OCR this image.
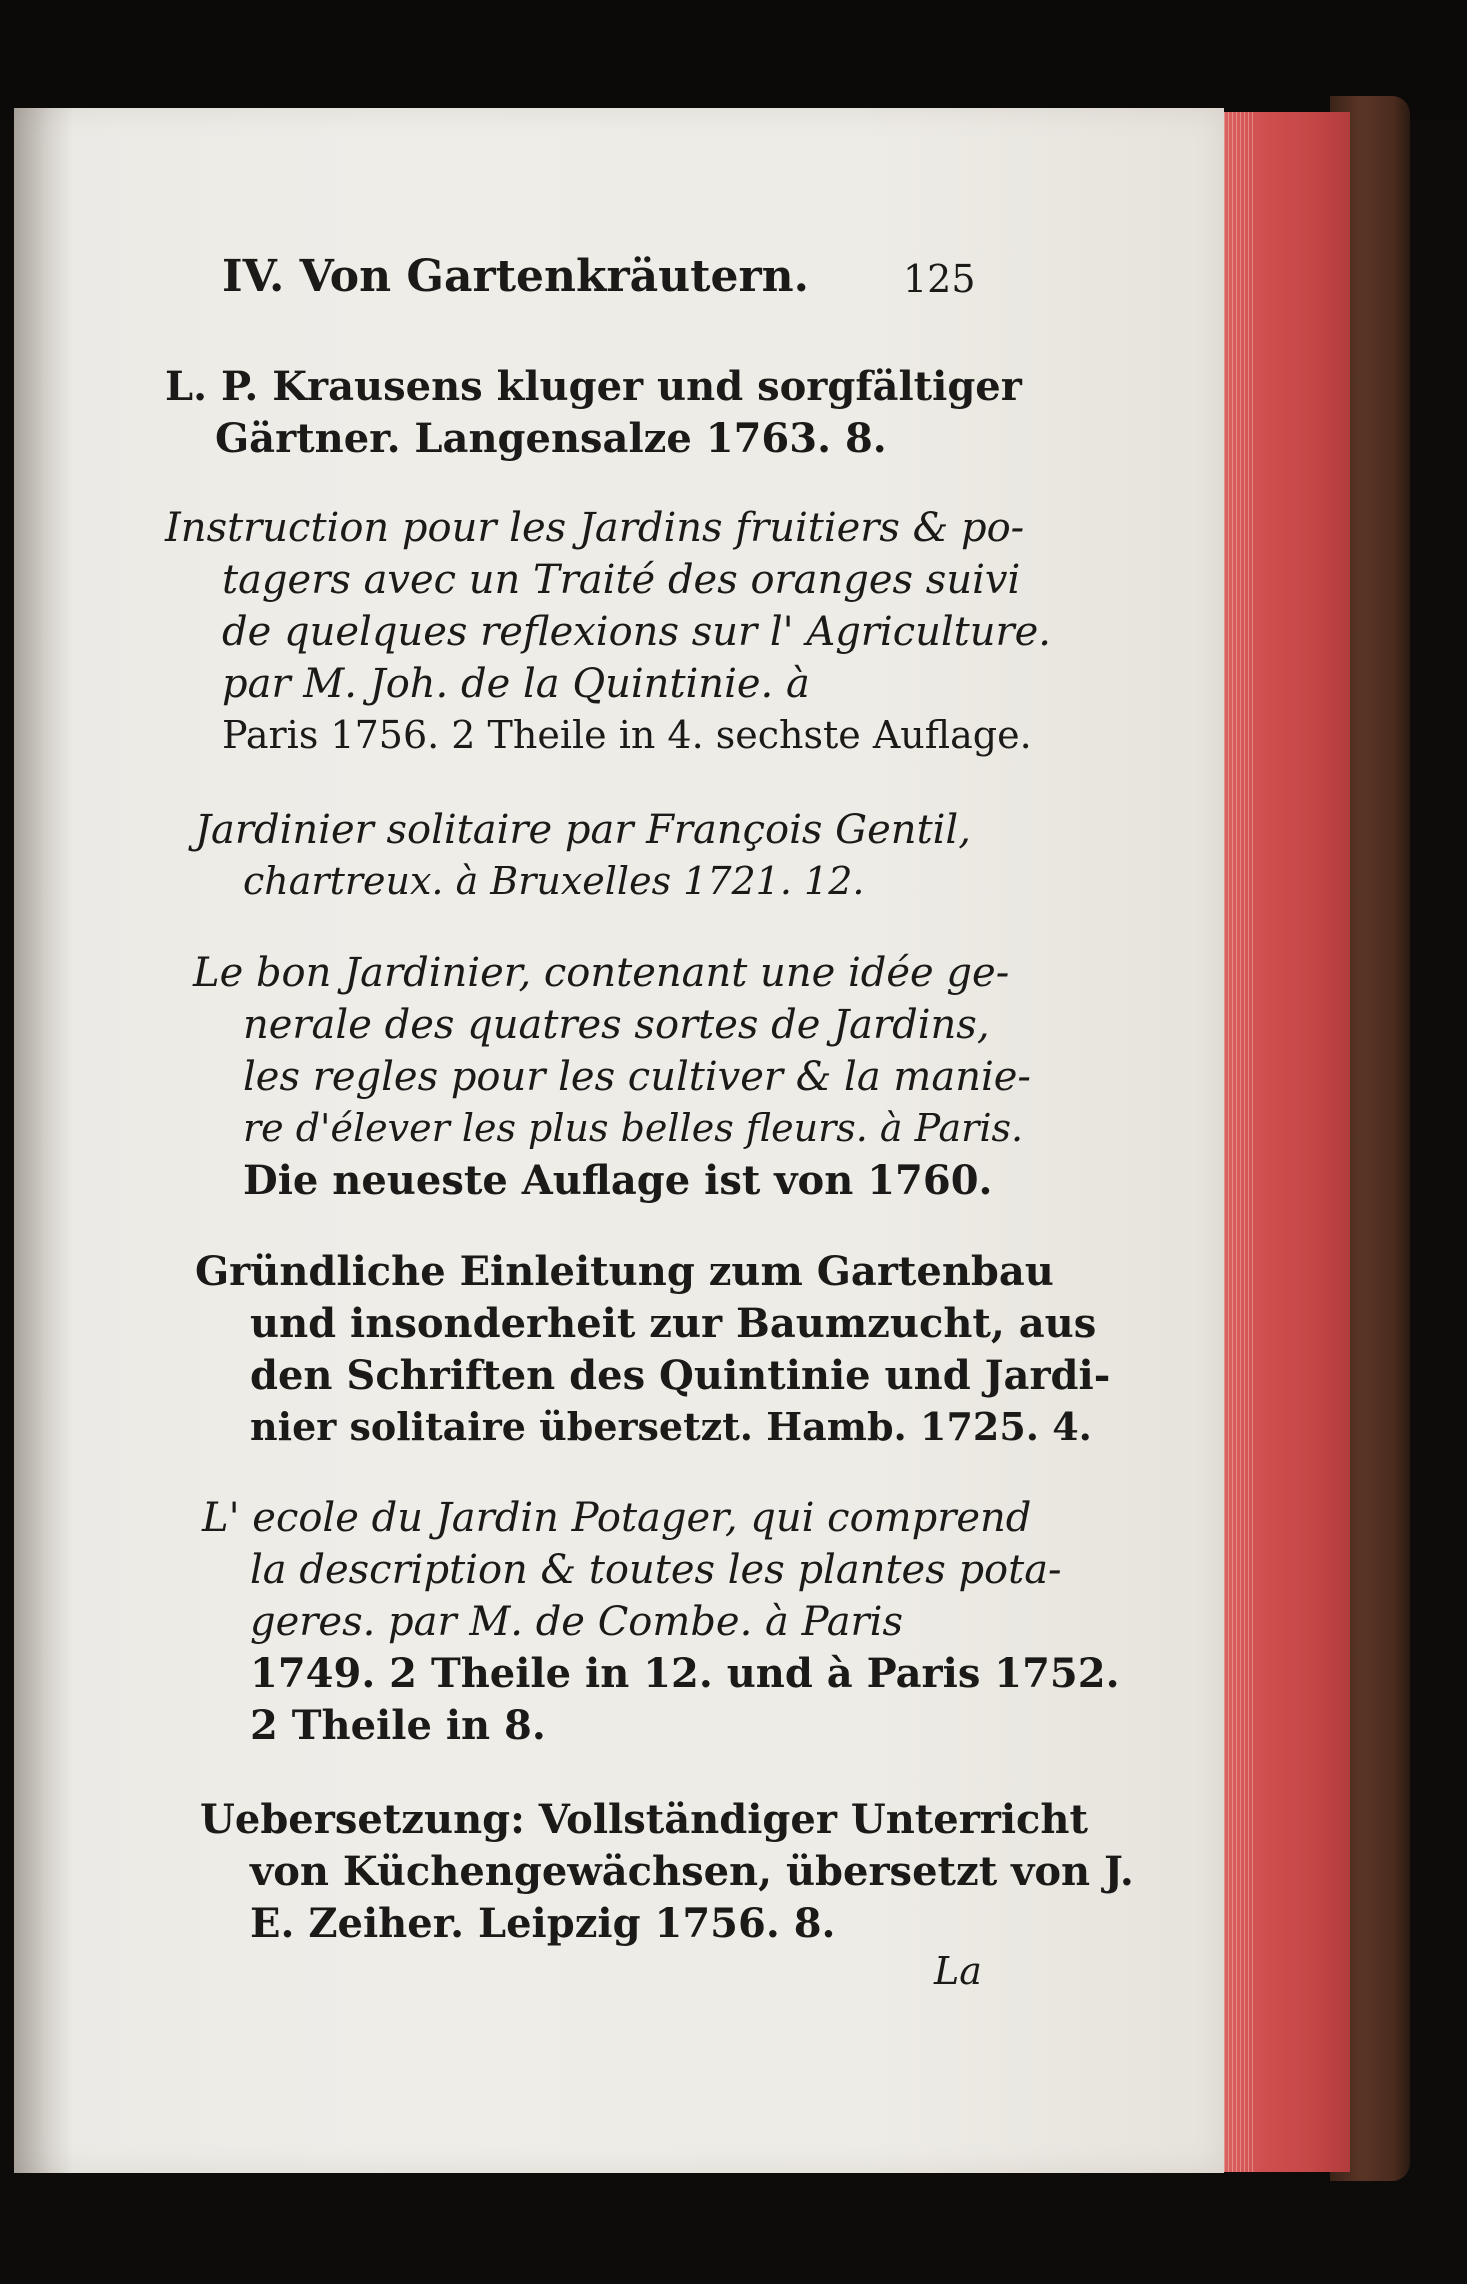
IV. Von Gartenkräutern. 125
L. P. Krausens kluger und sorgfältiger
Gärtner. Langensalze 1763. 8.
Instruction pour les Jardins fruitiers & po-
tagers avec un Traité des oranges suivi
de quelques reflexions sur l' Agriculture.
par M. Joh. de la Quintinie. à
Paris 1756. 2 Theile in 4. sechste Auflage.
Jardinier solitaire par François Gentil,
chartreux. à Bruxelles 1721. 12.
Le bon Jardinier, contenant une idée ge-
nerale des quatres sortes de Jardins,
les regles pour les cultiver & la manie-
re d'élever les plus belles fleurs. à Paris.
Die neueste Auflage ist von 1760.
Gründliche Einleitung zum Gartenbau
und insonderheit zur Baumzucht, aus
den Schriften des Quintinie und Jardi-
nier solitaire übersetzt. Hamb. 1725. 4.
L' ecole du Jardin Potager, qui comprend
la description & toutes les plantes pota-
geres. par M. de Combe. à Paris
1749. 2 Theile in 12. und à Paris 1752.
2 Theile in 8.
Uebersetzung: Vollständiger Unterricht
von Küchengewächsen, übersetzt von J.
E. Zeiher. Leipzig 1756. 8.
La
